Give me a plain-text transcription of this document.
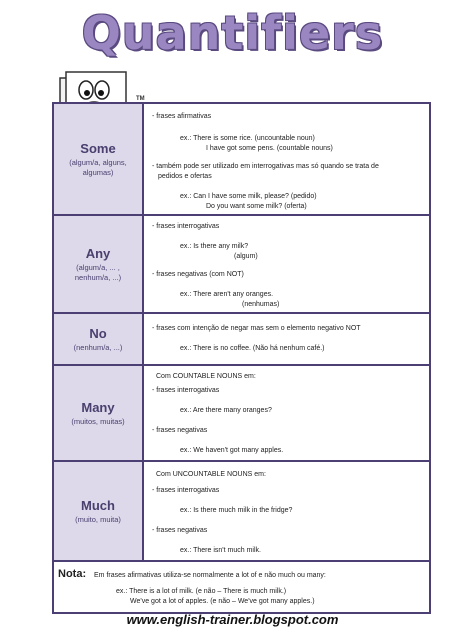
Quantifiers
TM
Some
(algum/a, alguns, algumas)
- frases afirmativas
ex.: There is some rice. (uncountable noun)
I have got some pens. (countable nouns)
- também pode ser utilizado em interrogativas mas só quando se trata de
pedidos e ofertas
ex.: Can I have some milk, please? (pedido)
Do you want some milk? (oferta)
Any
(algum/a, ... , nenhum/a, ...)
- frases interrogativas
ex.: Is there any milk?
(algum)
- frases negativas (com NOT)
ex.: There aren't any oranges.
(nenhumas)
No
(nenhum/a, ...)
- frases com intenção de negar mas sem o elemento negativo NOT
ex.: There is no coffee. (Não há nenhum café.)
Many
(muitos, muitas)
Com COUNTABLE NOUNS em:
- frases interrogativas
ex.: Are there many oranges?
- frases negativas
ex.: We haven't got many apples.
Much
(muito, muita)
Com UNCOUNTABLE NOUNS em:
- frases interrogativas
ex.: Is there much milk in the fridge?
- frases negativas
ex.: There isn't much milk.
Nota: Em frases afirmativas utiliza-se normalmente a lot of e não much ou many:
ex.: There is a lot of milk. (e não – There is much milk.)
We've got a lot of apples. (e não – We've got many apples.)
www.english-trainer.blogspot.com
